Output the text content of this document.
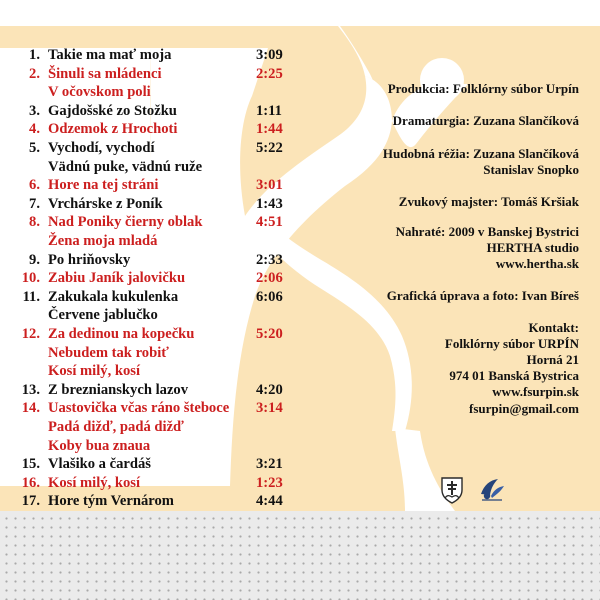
1. Takie ma mať moja	3:09
2. Šinuli sa mládenci	2:25
V očovskom poli
3. Gajdošské zo Stožku	1:11
4. Odzemok z Hrochoti	1:44
5. Vychodí, vychodí	5:22
Vädnú puke, vädnú ruže
6. Hore na tej stráni	3:01
7. Vrchárske z Poník	1:43
8. Nad Poniky čierny oblak	4:51
Žena moja mladá
9. Po hriňovsky	2:33
10. Zabiu Janík jalovičku	2:06
11. Zakukala kukulenka	6:06
Červene jablučko
12. Za dedinou na kopečku	5:20
Nebudem tak robiť
Kosí milý, kosí
13. Z breznianskych lazov	4:20
14. Uastovička včas ráno šteboce 3:14
Padá dižď, padá dižď
Koby bua znaua
15. Vlašiko a čardáš	3:21
16. Kosí milý, kosí	1:23
17. Hore tým Vernárom	4:44
Produkcia: Folklórny súbor Urpín
Dramaturgia: Zuzana Slančíková
Hudobná réžia: Zuzana Slančíková
Stanislav Snopko
Zvukový majster: Tomáš Kršiak
Nahraté: 2009 v Banskej Bystrici
HERTHA studio
www.hertha.sk
Grafická úprava a foto: Ivan Bíreš
Kontakt:
Folklórny súbor URPÍN
Horná 21
974 01 Banská Bystrica
www.fsurpin.sk
fsurpin@gmail.com
